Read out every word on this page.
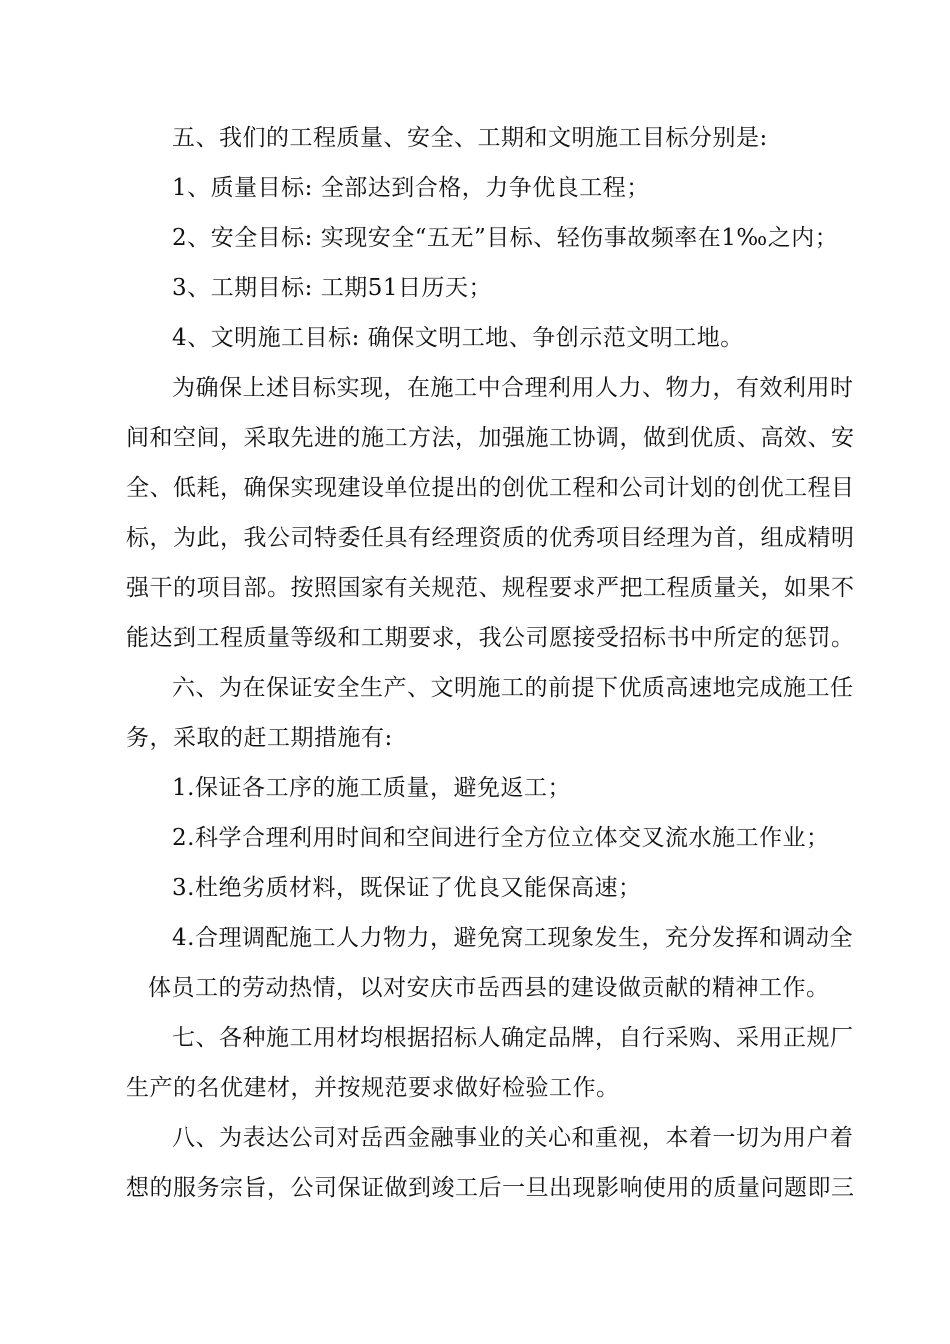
五、我们的工程质量、安全、工期和文明施工目标分别是:

1、质量目标: 全部达到合格，力争优良工程；

2、安全目标: 实现安全“五无”目标、轻伤事故频率在1‰之内；

3、工期目标: 工期51日历天；

4、文明施工目标: 确保文明工地、争创示范文明工地。

为确保上述目标实现，在施工中合理利用人力、物力，有效利用时

间和空间，采取先进的施工方法，加强施工协调，做到优质、高效、安

全、低耗，确保实现建设单位提出的创优工程和公司计划的创优工程目

标，为此，我公司特委任具有经理资质的优秀项目经理为首，组成精明

强干的项目部。按照国家有关规范、规程要求严把工程质量关，如果不

能达到工程质量等级和工期要求，我公司愿接受招标书中所定的惩罚。

六、为在保证安全生产、文明施工的前提下优质高速地完成施工任

务，采取的赶工期措施有:

1.保证各工序的施工质量，避免返工；

2.科学合理利用时间和空间进行全方位立体交叉流水施工作业；

3.杜绝劣质材料，既保证了优良又能保高速；

4.合理调配施工人力物力，避免窝工现象发生，充分发挥和调动全

体员工的劳动热情，以对安庆市岳西县的建设做贡献的精神工作。

七、各种施工用材均根据招标人确定品牌，自行采购、采用正规厂

生产的名优建材，并按规范要求做好检验工作。

八、为表达公司对岳西金融事业的关心和重视，本着一切为用户着

想的服务宗旨，公司保证做到竣工后一旦出现影响使用的质量问题即三
